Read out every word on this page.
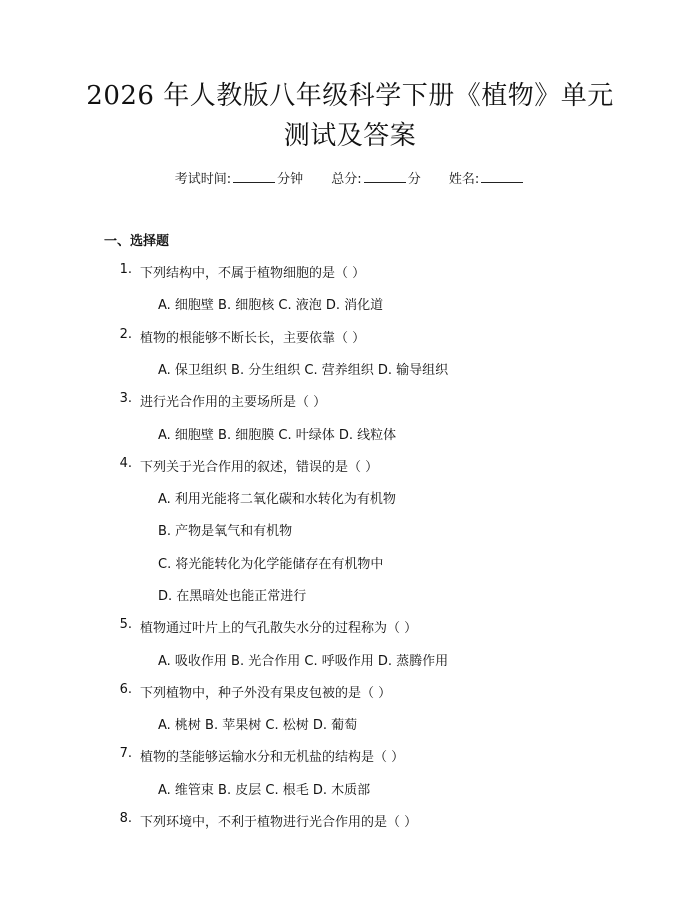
2026 年人教版八年级科学下册《植物》单元
测试及答案
考试时间:	分钟 总分:	分 姓名:
一、选择题
1. 下列结构中，不属于植物细胞的是（ ）
A. 细胞壁 B. 细胞核 C. 液泡 D. 消化道
2. 植物的根能够不断长长，主要依靠（ ）
A. 保卫组织 B. 分生组织 C. 营养组织 D. 输导组织
3. 进行光合作用的主要场所是（ ）
A. 细胞壁 B. 细胞膜 C. 叶绿体 D. 线粒体
4. 下列关于光合作用的叙述，错误的是（ ）
A. 利用光能将二氧化碳和水转化为有机物
B. 产物是氧气和有机物
C. 将光能转化为化学能储存在有机物中
D. 在黑暗处也能正常进行
5. 植物通过叶片上的气孔散失水分的过程称为（ ）
A. 吸收作用 B. 光合作用 C. 呼吸作用 D. 蒸腾作用
6. 下列植物中，种子外没有果皮包被的是（ ）
A. 桃树 B. 苹果树 C. 松树 D. 葡萄
7. 植物的茎能够运输水分和无机盐的结构是（ ）
A. 维管束 B. 皮层 C. 根毛 D. 木质部
8. 下列环境中，不利于植物进行光合作用的是（ ）
